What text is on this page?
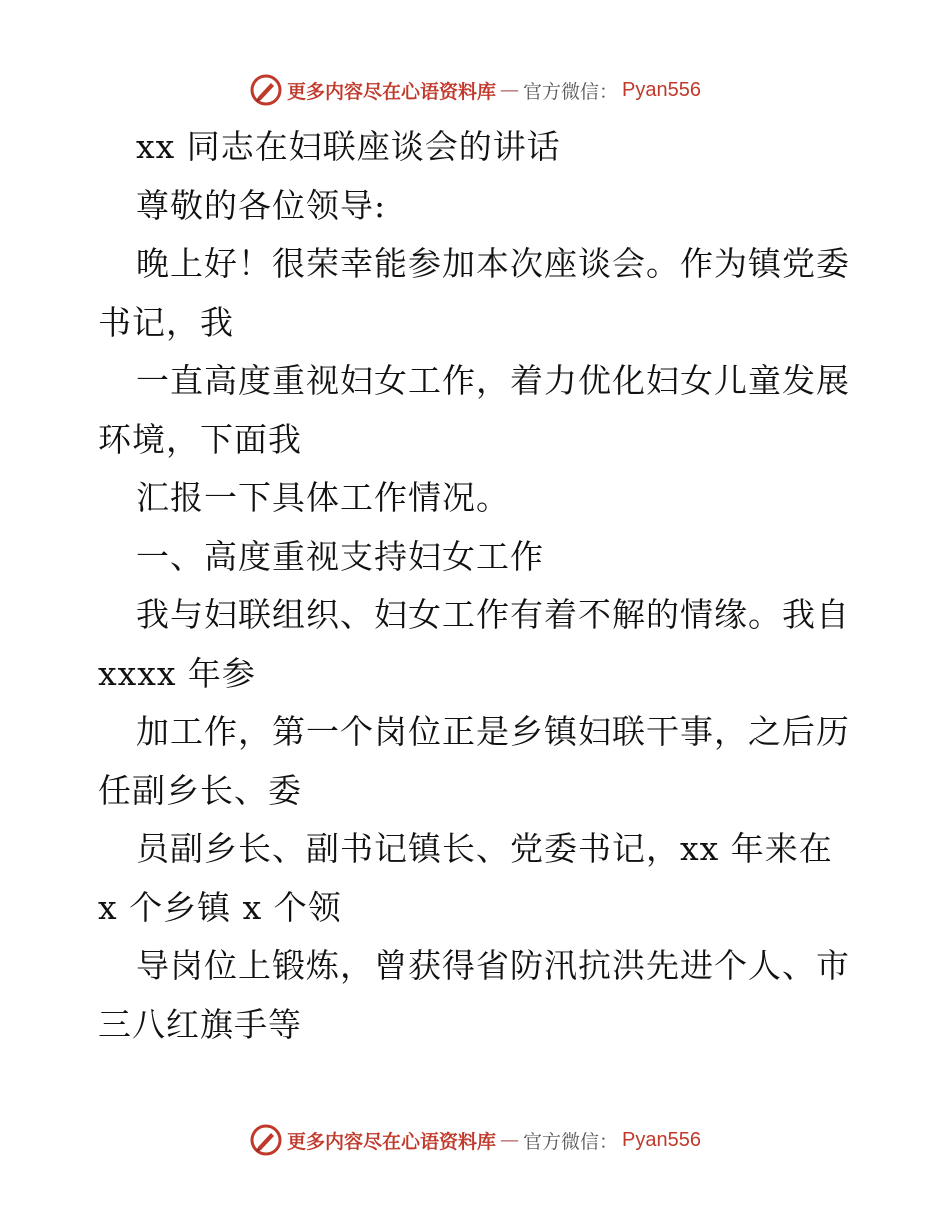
更多内容尽在心语资料库 — 官方微信： Pyan556
xx 同志在妇联座谈会的讲话
尊敬的各位领导:
晚上好！很荣幸能参加本次座谈会。作为镇党委
书记，我
一直高度重视妇女工作，着力优化妇女儿童发展
环境，下面我
汇报一下具体工作情况。
一、高度重视支持妇女工作
我与妇联组织、妇女工作有着不解的情缘。我自
xxxx 年参
加工作，第一个岗位正是乡镇妇联干事，之后历
任副乡长、委
员副乡长、副书记镇长、党委书记，xx 年来在
x 个乡镇 x 个领
导岗位上锻炼，曾获得省防汛抗洪先进个人、市
三八红旗手等
更多内容尽在心语资料库 — 官方微信： Pyan556
